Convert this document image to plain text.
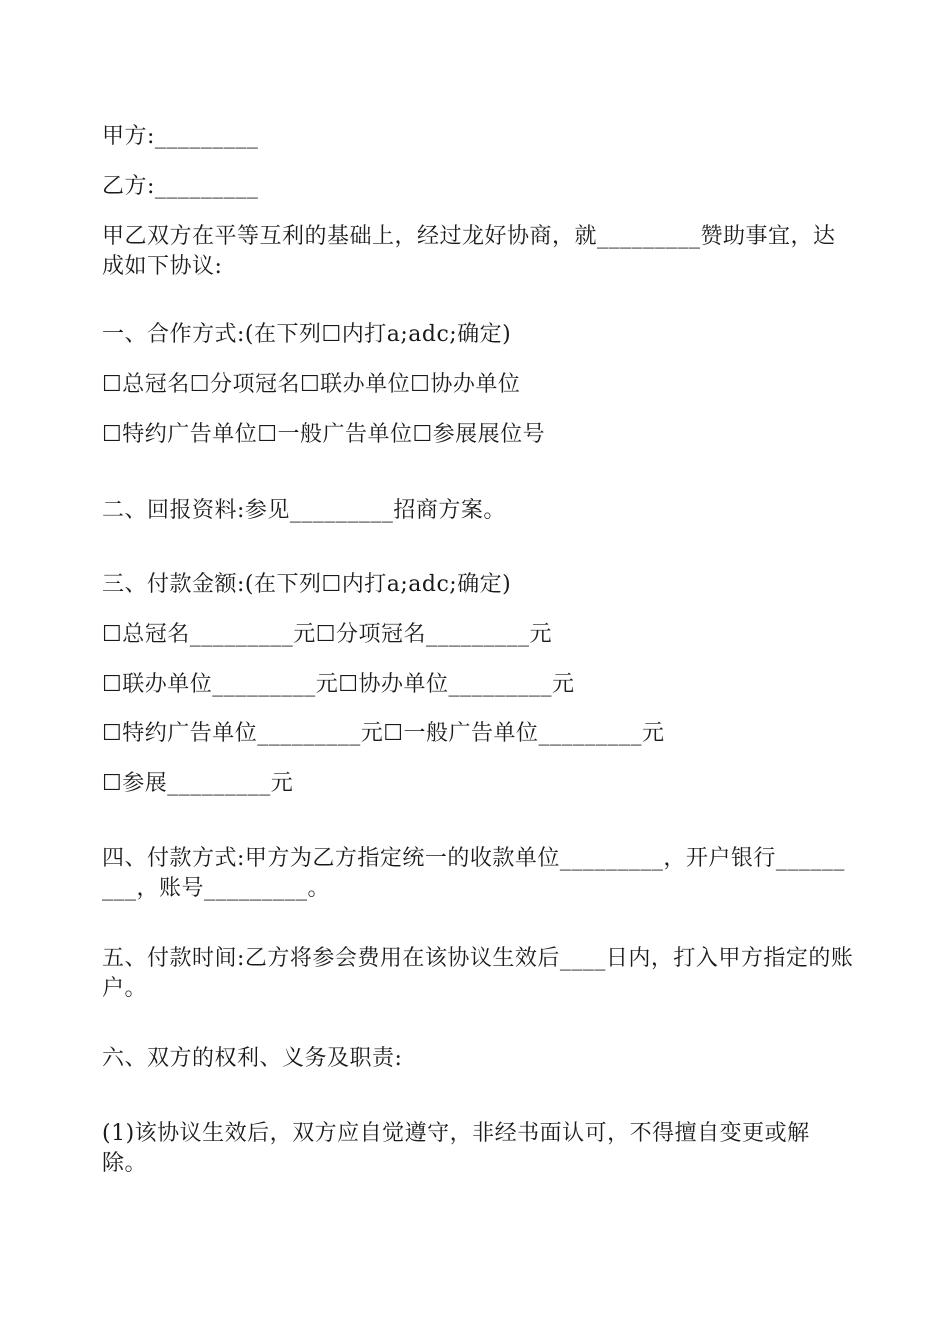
甲方:_________
乙方:_________
甲乙双方在平等互利的基础上，经过龙好协商，就_________赞助事宜，达成如下协议:
一、合作方式:(在下列☐内打a;adc;确定)
☐总冠名☐分项冠名☐联办单位☐协办单位
☐特约广告单位☐一般广告单位☐参展展位号
二、回报资料:参见_________招商方案。
三、付款金额:(在下列☐内打a;adc;确定)
☐总冠名_________元☐分项冠名_________元
☐联办单位_________元☐协办单位_________元
☐特约广告单位_________元☐一般广告单位_________元
☐参展_________元
四、付款方式:甲方为乙方指定统一的收款单位_________，开户银行_________，账号_________。
五、付款时间:乙方将参会费用在该协议生效后____日内，打入甲方指定的账户。
六、双方的权利、义务及职责:
(1)该协议生效后，双方应自觉遵守，非经书面认可，不得擅自变更或解除。
